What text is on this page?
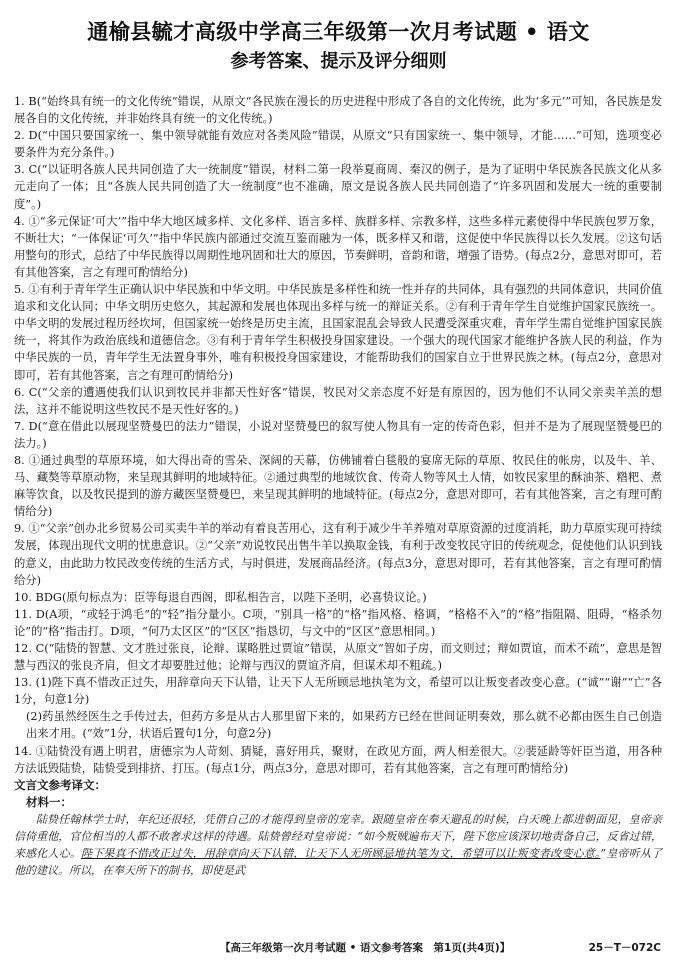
通榆县毓才高级中学高三年级第一次月考试题 • 语文
参考答案、提示及评分细则

1. B(“始终具有统一的文化传统”错误，从原文“各民族在漫长的历史进程中形成了各自的文化传统，此为‘多元’”可知，各民族是发展各自的文化传统，并非始终具有统一的文化传统。)

2. D(“中国只要国家统一、集中领导就能有效应对各类风险”错误，从原文“只有国家统一、集中领导，才能……”可知，选项变必要条件为充分条件。)

3. C(“以证明各族人民共同创造了大一统制度”错误，材料二第一段举夏商周、秦汉的例子，是为了证明中华民族各民族文化从多元走向了一体；且“各族人民共同创造了大一统制度”也不准确，原文是说各族人民共同创造了“许多巩固和发展大一统的重要制度”。)

4. ①“多元保证‘可大’”指中华大地区域多样、文化多样、语言多样、族群多样、宗教多样，这些多样元素使得中华民族包罗万象，不断壮大；“一体保证‘可久’”指中华民族内部通过交流互鉴而融为一体，既多样又和谐，这促使中华民族得以长久发展。②这句话用整句的形式，总结了中华民族得以周期性地巩固和壮大的原因，节奏鲜明，音韵和谐，增强了语势。(每点2分，意思对即可，若有其他答案，言之有理可酌情给分)

5. ①有利于青年学生正确认识中华民族和中华文明。中华民族是多样性和统一性并存的共同体，具有强烈的共同体意识，共同价值追求和文化认同；中华文明历史悠久，其起源和发展也体现出多样与统一的辩证关系。②有利于青年学生自觉维护国家民族统一。中华文明的发展过程历经坎坷，但国家统一始终是历史主流，且国家混乱会导致人民遭受深重灾难，青年学生需自觉维护国家民族统一，将其作为政治底线和道德信念。③有利于青年学生积极投身国家建设。一个强大的现代国家才能维护各族人民的利益，作为中华民族的一员，青年学生无法置身事外，唯有积极投身国家建设，才能帮助我们的国家自立于世界民族之林。(每点2分，意思对即可，若有其他答案，言之有理可酌情给分)

6. C(“父亲的遭遇使我们认识到牧民并非都天性好客”错误，牧民对父亲态度不好是有原因的，因为他们不认同父亲卖羊羔的想法，这并不能说明这些牧民不是天性好客的。)

7. D(“意在借此以展现坚赞曼巴的法力”错误，小说对坚赞曼巴的叙写使人物具有一定的传奇色彩，但并不是为了展现坚赞曼巴的法力。)

8. ①通过典型的草原环境，如大得出奇的雪朵、深阔的天幕，仿佛铺着白毯般的宴席无际的草原、牧民住的帐房，以及牛、羊、马、藏獒等草原动物，来呈现其鲜明的地域特征。②通过典型的地域饮食、传奇人物等风土人情，如牧民家里的酥油茶、糌粑、煮麻等饮食，以及牧民提到的游方藏医坚赞曼巴，来呈现其鲜明的地域特征。(每点2分，意思对即可，若有其他答案，言之有理可酌情给分)

9. ①“父亲”创办北乡贸易公司买卖牛羊的举动有着良苦用心，这有利于减少牛羊养殖对草原资源的过度消耗，助力草原实现可持续发展，体现出现代文明的忧患意识。②“父亲”劝说牧民出售牛羊以换取金钱，有利于改变牧民守旧的传统观念，促使他们认识到钱的意义，由此助力牧民改变传统的生活方式，与时俱进，发展商品经济。(每点3分，意思对即可，若有其他答案，言之有理可酌情给分)

10. BDG(原句标点为：臣等每退自西阁，即私相告言，以陛下圣明，必喜贽议论。)

11. D(A项，“或轻于鸿毛”的“轻”指分量小。C项，“别具一格”的“格”指风格、格调，“格格不入”的“格”指阻隔、阻碍，“格杀勿论”的“格”指击打。D项，“何乃太区区”的“区区”指恳切，与文中的“区区”意思相同。)

12. C(“陆贽的智慧、文才胜过张良，论辩、谋略胜过贾谊”错误，从原文“智如子房，而文则过；辩如贾谊，而术不疏”，意思是智慧与西汉的张良齐肩，但文才却要胜过他；论辩与西汉的贾谊齐肩，但谋术却不粗疏。)

13. (1)陛下真不惜改正过失，用辞章向天下认错，让天下人无所顾忌地执笔为文，希望可以让叛变者改变心意。(“诚”“谢”“亡”各1分，句意1分)

(2)药虽然经医生之手传过去，但药方多是从古人那里留下来的，如果药方已经在世间证明奏效，那么就不必都由医生自己创造出来才用。(“效”1分，状语后置句1分，句意2分)

14. ①陆贽没有遇上明君，唐德宗为人苛刻、猜疑，喜好用兵，聚财，在政见方面，两人相差很大。②裴延龄等奸臣当道，用各种方法诋毁陆贽，陆贽受到排挤、打压。(每点1分，两点3分，意思对即可，若有其他答案，言之有理可酌情给分)

文言文参考译文：

材料一：

陆贽任翰林学士时，年纪还很轻，凭借自己的才能得到皇帝的宠幸。跟随皇帝在奉天避乱的时候，白天晚上都进朝面见，皇帝亲信倚重他，官位相当的人都不敢奢求这样的待遇。陆贽曾经对皇帝说：“如今叛贼遍布天下，陛下您应该深切地责备自己，反省过错，来感化人心。陛下果真不惜改正过失，用辞章向天下认错，让天下人无所顾忌地执笔为文，希望可以让叛变者改变心意。”皇帝听从了他的建议。所以，在奉天所下的制书，即使是武

【高三年级第一次月考试题 • 语文参考答案　第1页(共4页)】	25－T－072C
